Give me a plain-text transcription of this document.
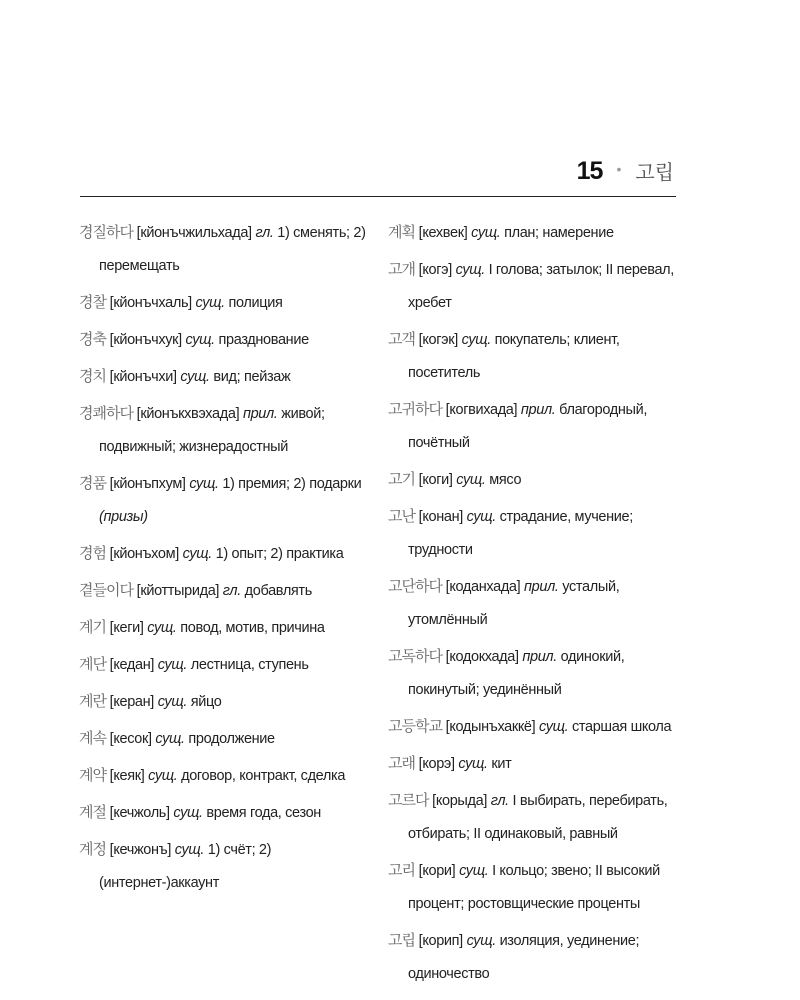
15 • 고립

경질하다 [кйонъчжильхада] гл. 1) сменять; 2) перемещать

경찰 [кйонъчхаль] сущ. полиция

경축 [кйонъчхук] сущ. празднование

경치 [кйонъчхи] сущ. вид; пейзаж

경쾌하다 [кйонъкхвэхада] прил. живой; подвижный; жизнерадостный

경품 [кйонъпхум] сущ. 1) премия; 2) подарки (призы)

경험 [кйонъхом] сущ. 1) опыт; 2) практика

곁들이다 [кйоттырида] гл. добавлять

계기 [кеги] сущ. повод, мотив, причина

계단 [кедан] сущ. лестница, ступень

계란 [керан] сущ. яйцо

계속 [кесок] сущ. продолжение

계약 [кеяк] сущ. договор, контракт, сделка

계절 [кечжоль] сущ. время года, сезон

계정 [кечжонъ] сущ. 1) счёт; 2) (интернет-)аккаунт

계획 [кехвек] сущ. план; намерение

고개 [когэ] сущ. I голова; затылок; II перевал, хребет

고객 [когэк] сущ. покупатель; клиент, посетитель

고귀하다 [когвихада] прил. благородный, почётный

고기 [коги] сущ. мясо

고난 [конан] сущ. страдание, мучение; трудности

고단하다 [коданхада] прил. усталый, утомлённый

고독하다 [кодокхада] прил. одинокий, покинутый; уединённый

고등학교 [кодынъхаккё] сущ. старшая школа

고래 [корэ] сущ. кит

고르다 [корыда] гл. I выбирать, перебирать, отбирать; II одинаковый, равный

고리 [кори] сущ. I кольцо; звено; II высокий процент; ростовщические проценты

고립 [корип] сущ. изоляция, уединение; одиночество
